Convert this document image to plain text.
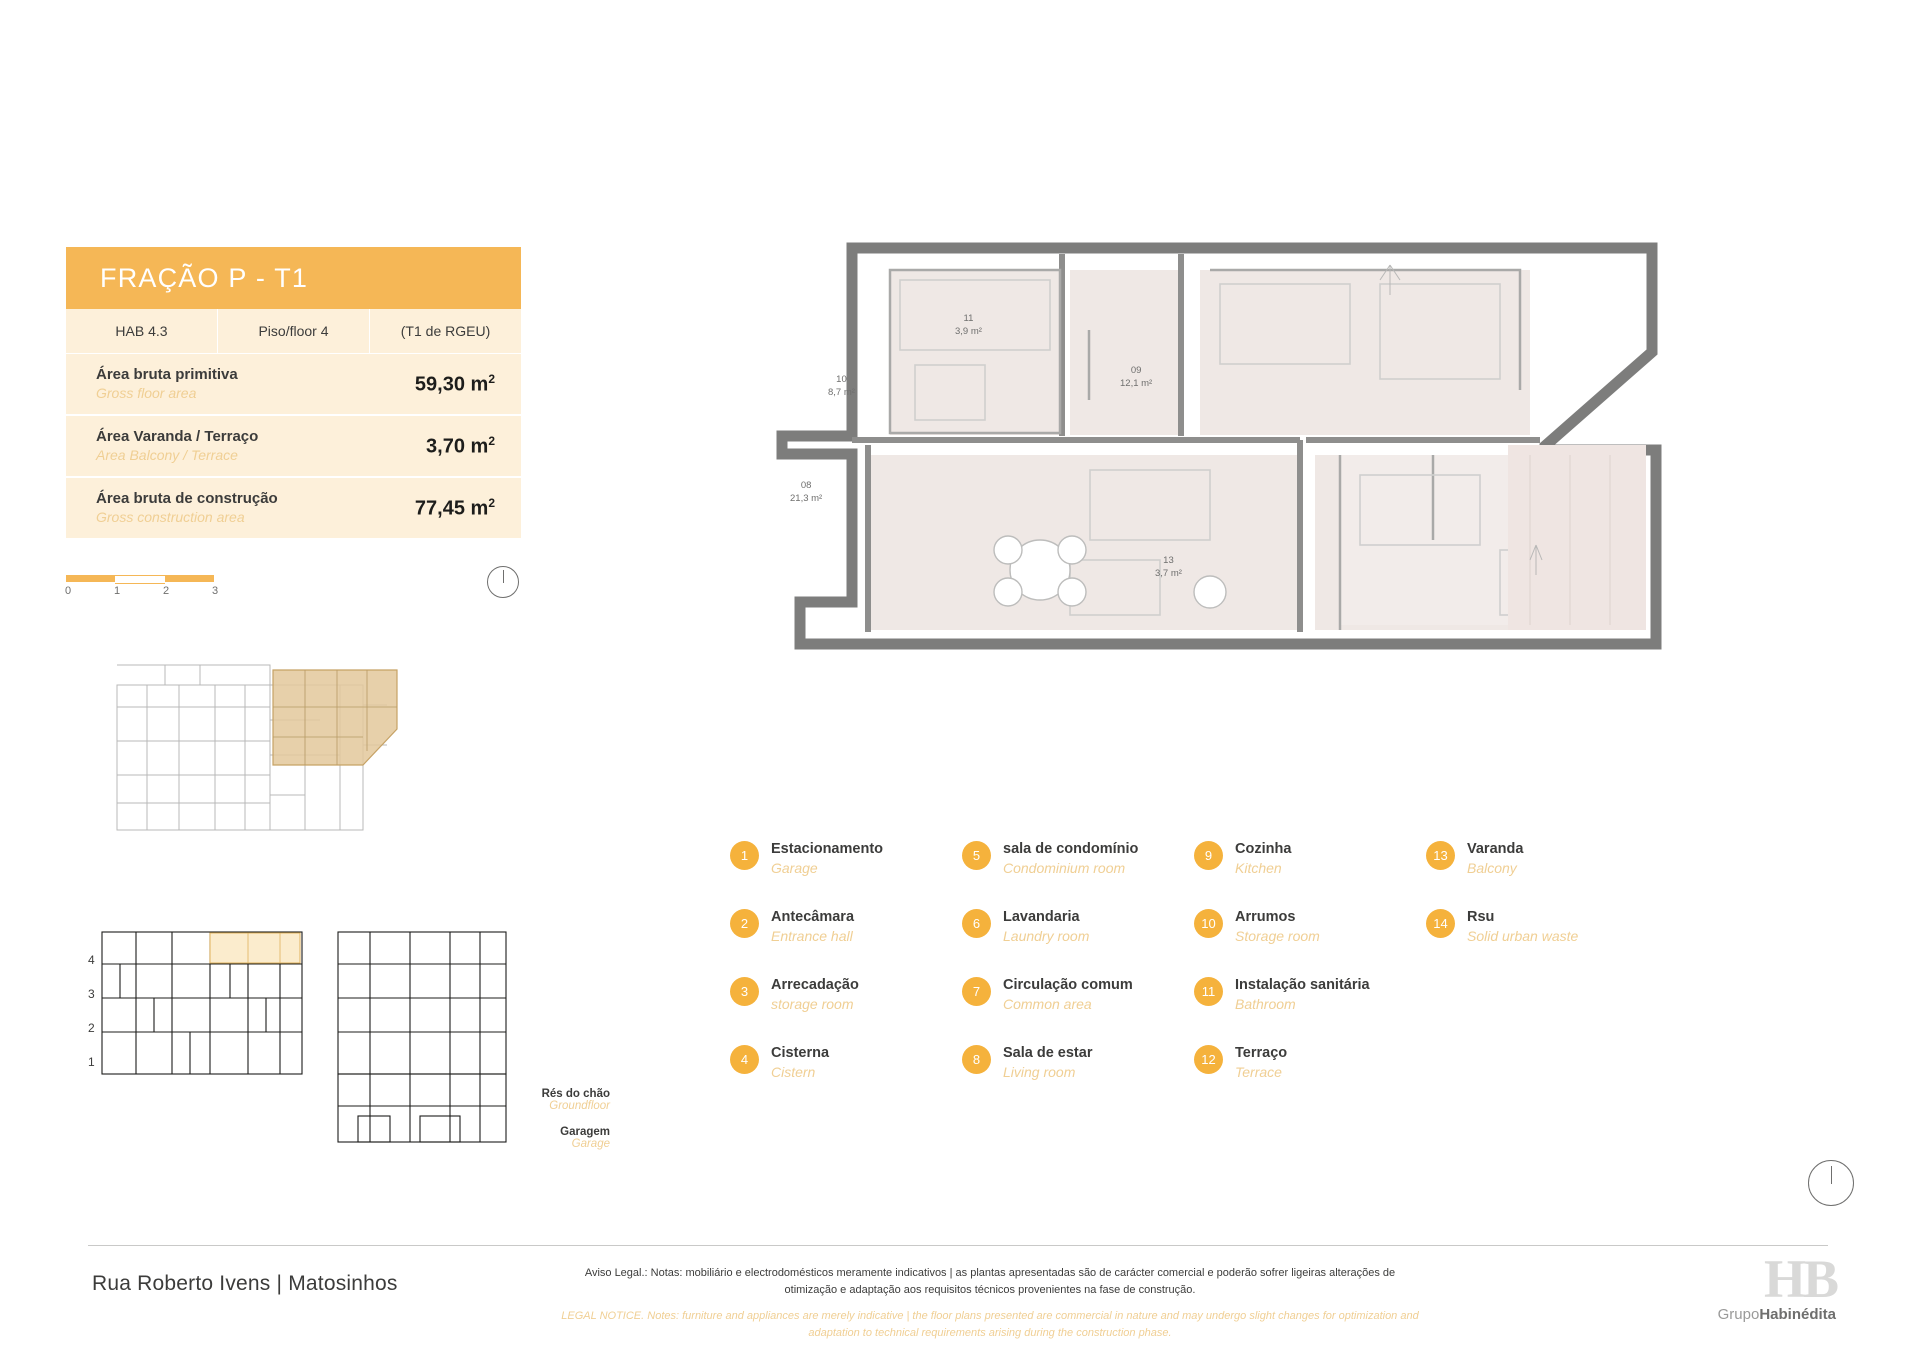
FRAÇÃO P - T1
HAB 4.3	Piso/floor 4	(T1 de RGEU)
Área bruta primitiva
Gross floor area	59,30 $m^2$
Área Varanda / Terraço
Area Balcony / Terrace	3,70 $m^2$
Área bruta de construção
Gross construction area	77,45 $m^2$
0	1	2	3
4
3
2
1
Rés do chão
Groundfloor
Garagem
Garage
11
3,9 m²
09
12,1 m²
10
8,7 m²
08
21,3 m²
13
3,7 m²
1	Estacionamento
Garage
5	sala de condomínio
Condominium room
9	Cozinha
Kitchen
13	Varanda
Balcony
2	Antecâmara
Entrance hall
6	Lavandaria
Laundry room
10	Arrumos
Storage room
14	Rsu
Solid urban waste
3	Arrecadação
storage room
7	Circulação comum
Common area
11	Instalação sanitária
Bathroom
4	Cisterna
Cistern
8	Sala de estar
Living room
12	Terraço
Terrace
Rua Roberto Ivens | Matosinhos	Aviso Legal.: Notas: mobiliário e electrodomésticos meramente indicativos | as plantas apresentadas são de carácter comercial e poderão sofrer ligeiras alterações de otimização e adaptação aos requisitos técnicos provenientes na fase de construção.
LEGAL NOTICE. Notes: furniture and appliances are merely indicative | the floor plans presented are commercial in nature and may undergo slight changes for optimization and adaptation to technical requirements arising during the construction phase.
HB
GrupoHabinédita
